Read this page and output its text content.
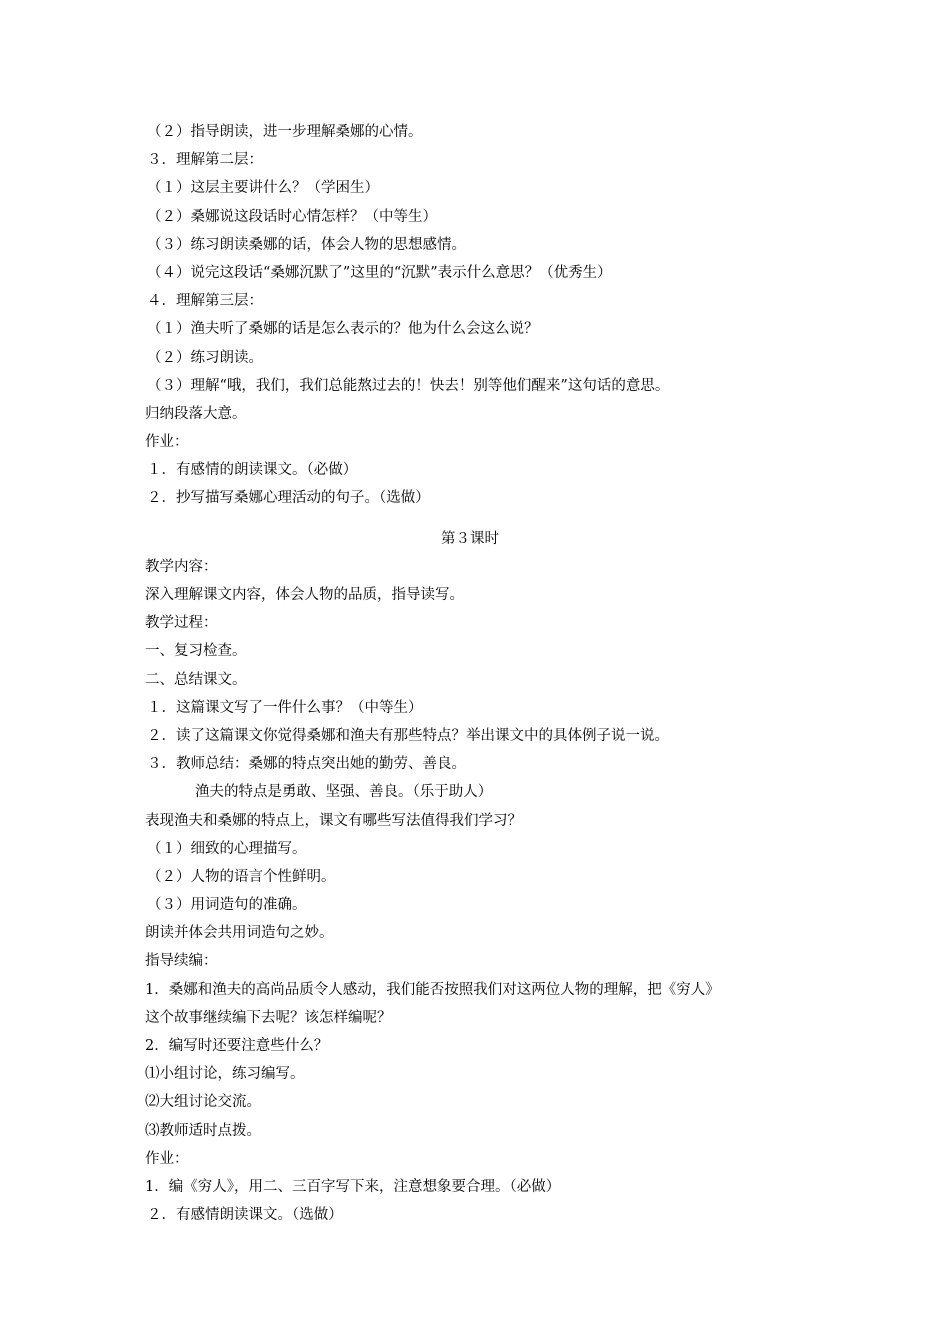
（２）指导朗读，进一步理解桑娜的心情。
３．理解第二层：
（１）这层主要讲什么？（学困生）
（２）桑娜说这段话时心情怎样？（中等生）
（３）练习朗读桑娜的话，体会人物的思想感情。
（４）说完这段话“桑娜沉默了”这里的“沉默”表示什么意思？（优秀生）
４．理解第三层：
（１）渔夫听了桑娜的话是怎么表示的？他为什么会这么说？
（２）练习朗读。
（３）理解“哦，我们，我们总能熬过去的！快去！别等他们醒来”这句话的意思。
归纳段落大意。
作业：
１．有感情的朗读课文。（必做）
２．抄写描写桑娜心理活动的句子。（选做）
第３课时
教学内容：
深入理解课文内容，体会人物的品质，指导读写。
教学过程：
一、复习检查。
二、总结课文。
１．这篇课文写了一件什么事？（中等生）
２．读了这篇课文你觉得桑娜和渔夫有那些特点？举出课文中的具体例子说一说。
３．教师总结：桑娜的特点突出她的勤劳、善良。
渔夫的特点是勇敢、坚强、善良。（乐于助人）
表现渔夫和桑娜的特点上，课文有哪些写法值得我们学习？
（１）细致的心理描写。
（２）人物的语言个性鲜明。
（３）用词造句的准确。
朗读并体会共用词造句之妙。
指导续编：
1．桑娜和渔夫的高尚品质令人感动，我们能否按照我们对这两位人物的理解，把《穷人》
这个故事继续编下去呢？该怎样编呢？
2．编写时还要注意些什么？
⑴小组讨论，练习编写。
⑵大组讨论交流。
⑶教师适时点拨。
作业：
1．编《穷人》，用二、三百字写下来，注意想象要合理。（必做）
２．有感情朗读课文。（选做）
